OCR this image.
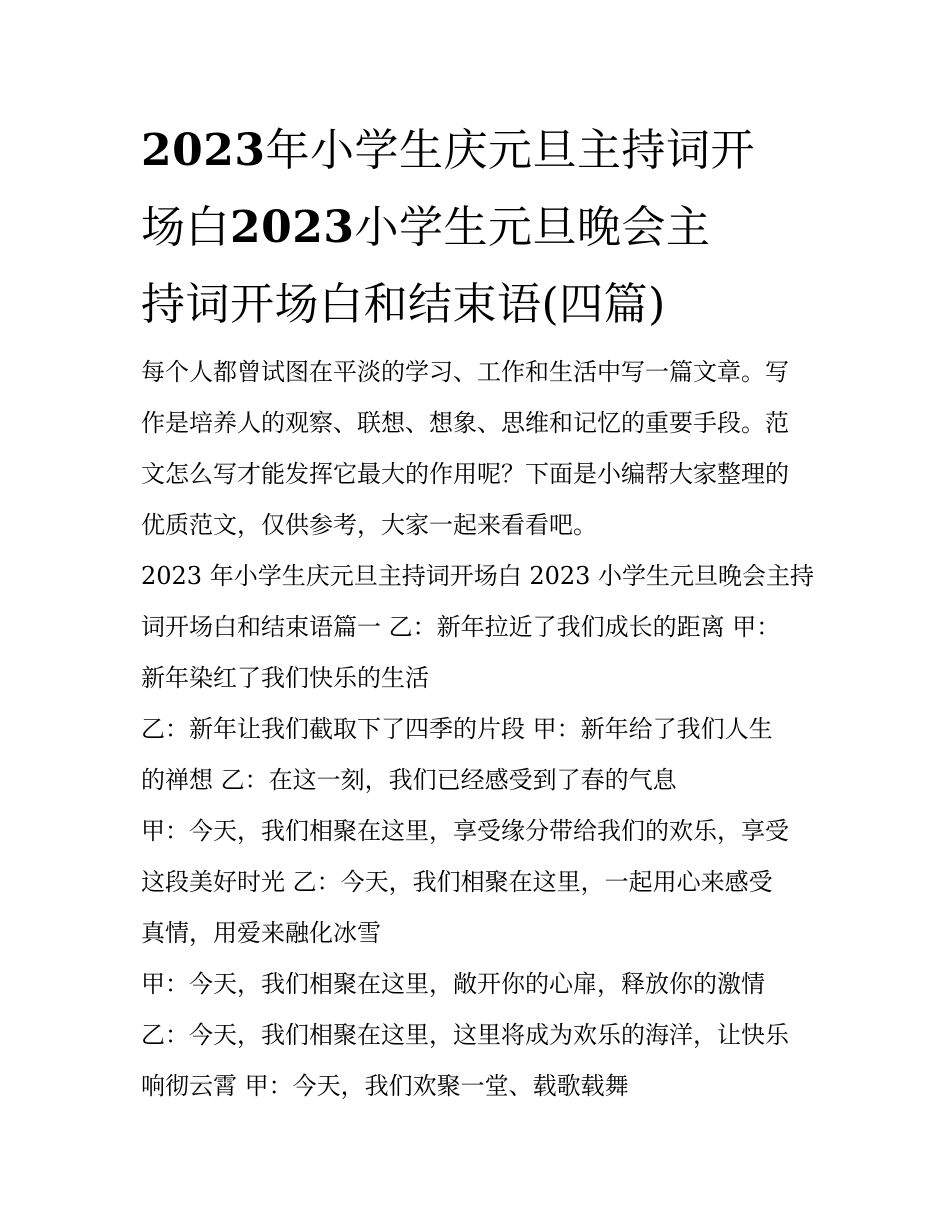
2023年小学生庆元旦主持词开
场白2023小学生元旦晚会主
持词开场白和结束语(四篇)
每个人都曾试图在平淡的学习、工作和生活中写一篇文章。写
作是培养人的观察、联想、想象、思维和记忆的重要手段。范
文怎么写才能发挥它最大的作用呢？下面是小编帮大家整理的
优质范文，仅供参考，大家一起来看看吧。
2023 年小学生庆元旦主持词开场白 2023 小学生元旦晚会主持
词开场白和结束语篇一 乙：新年拉近了我们成长的距离 甲：
新年染红了我们快乐的生活
乙：新年让我们截取下了四季的片段 甲：新年给了我们人生
的禅想 乙：在这一刻，我们已经感受到了春的气息
甲：今天，我们相聚在这里，享受缘分带给我们的欢乐，享受
这段美好时光 乙：今天，我们相聚在这里，一起用心来感受
真情，用爱来融化冰雪
甲：今天，我们相聚在这里，敞开你的心扉，释放你的激情
乙：今天，我们相聚在这里，这里将成为欢乐的海洋，让快乐
响彻云霄 甲：今天，我们欢聚一堂、载歌载舞
